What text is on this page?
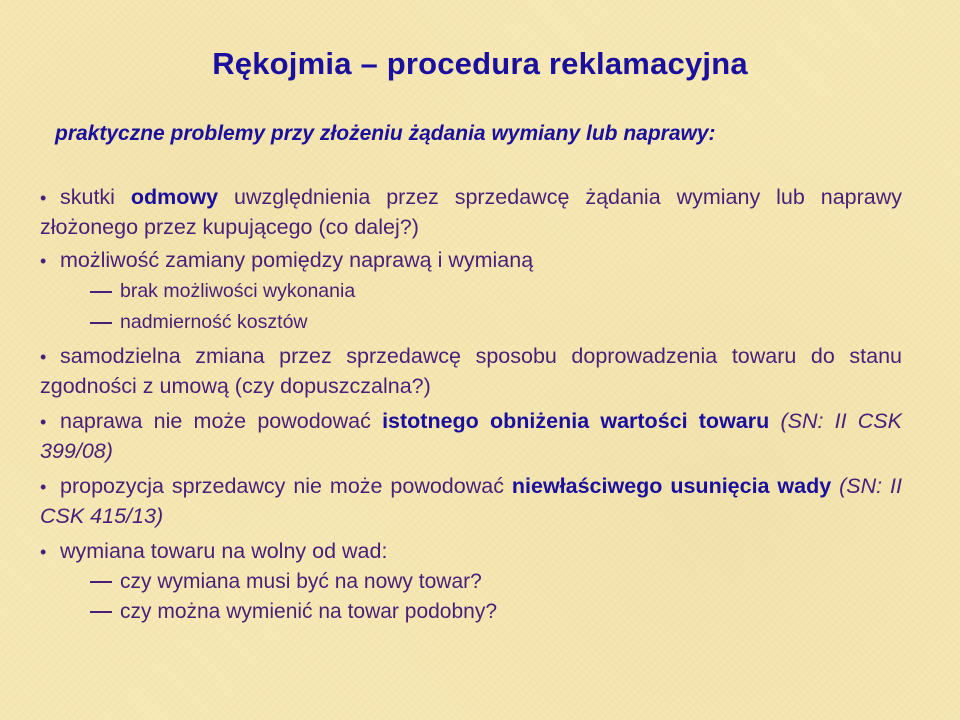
Rękojmia – procedura reklamacyjna
praktyczne problemy przy złożeniu żądania wymiany lub naprawy:
• skutki odmowy uwzględnienia przez sprzedawcę żądania wymiany lub naprawy złożonego przez kupującego (co dalej?)
• możliwość zamiany pomiędzy naprawą i wymianą
brak możliwości wykonania
nadmierność kosztów
• samodzielna zmiana przez sprzedawcę sposobu doprowadzenia towaru do stanu zgodności z umową (czy dopuszczalna?)
• naprawa nie może powodować istotnego obniżenia wartości towaru (SN: II CSK 399/08)
• propozycja sprzedawcy nie może powodować niewłaściwego usunięcia wady (SN: II CSK 415/13)
• wymiana towaru na wolny od wad:
czy wymiana musi być na nowy towar?
czy można wymienić na towar podobny?
